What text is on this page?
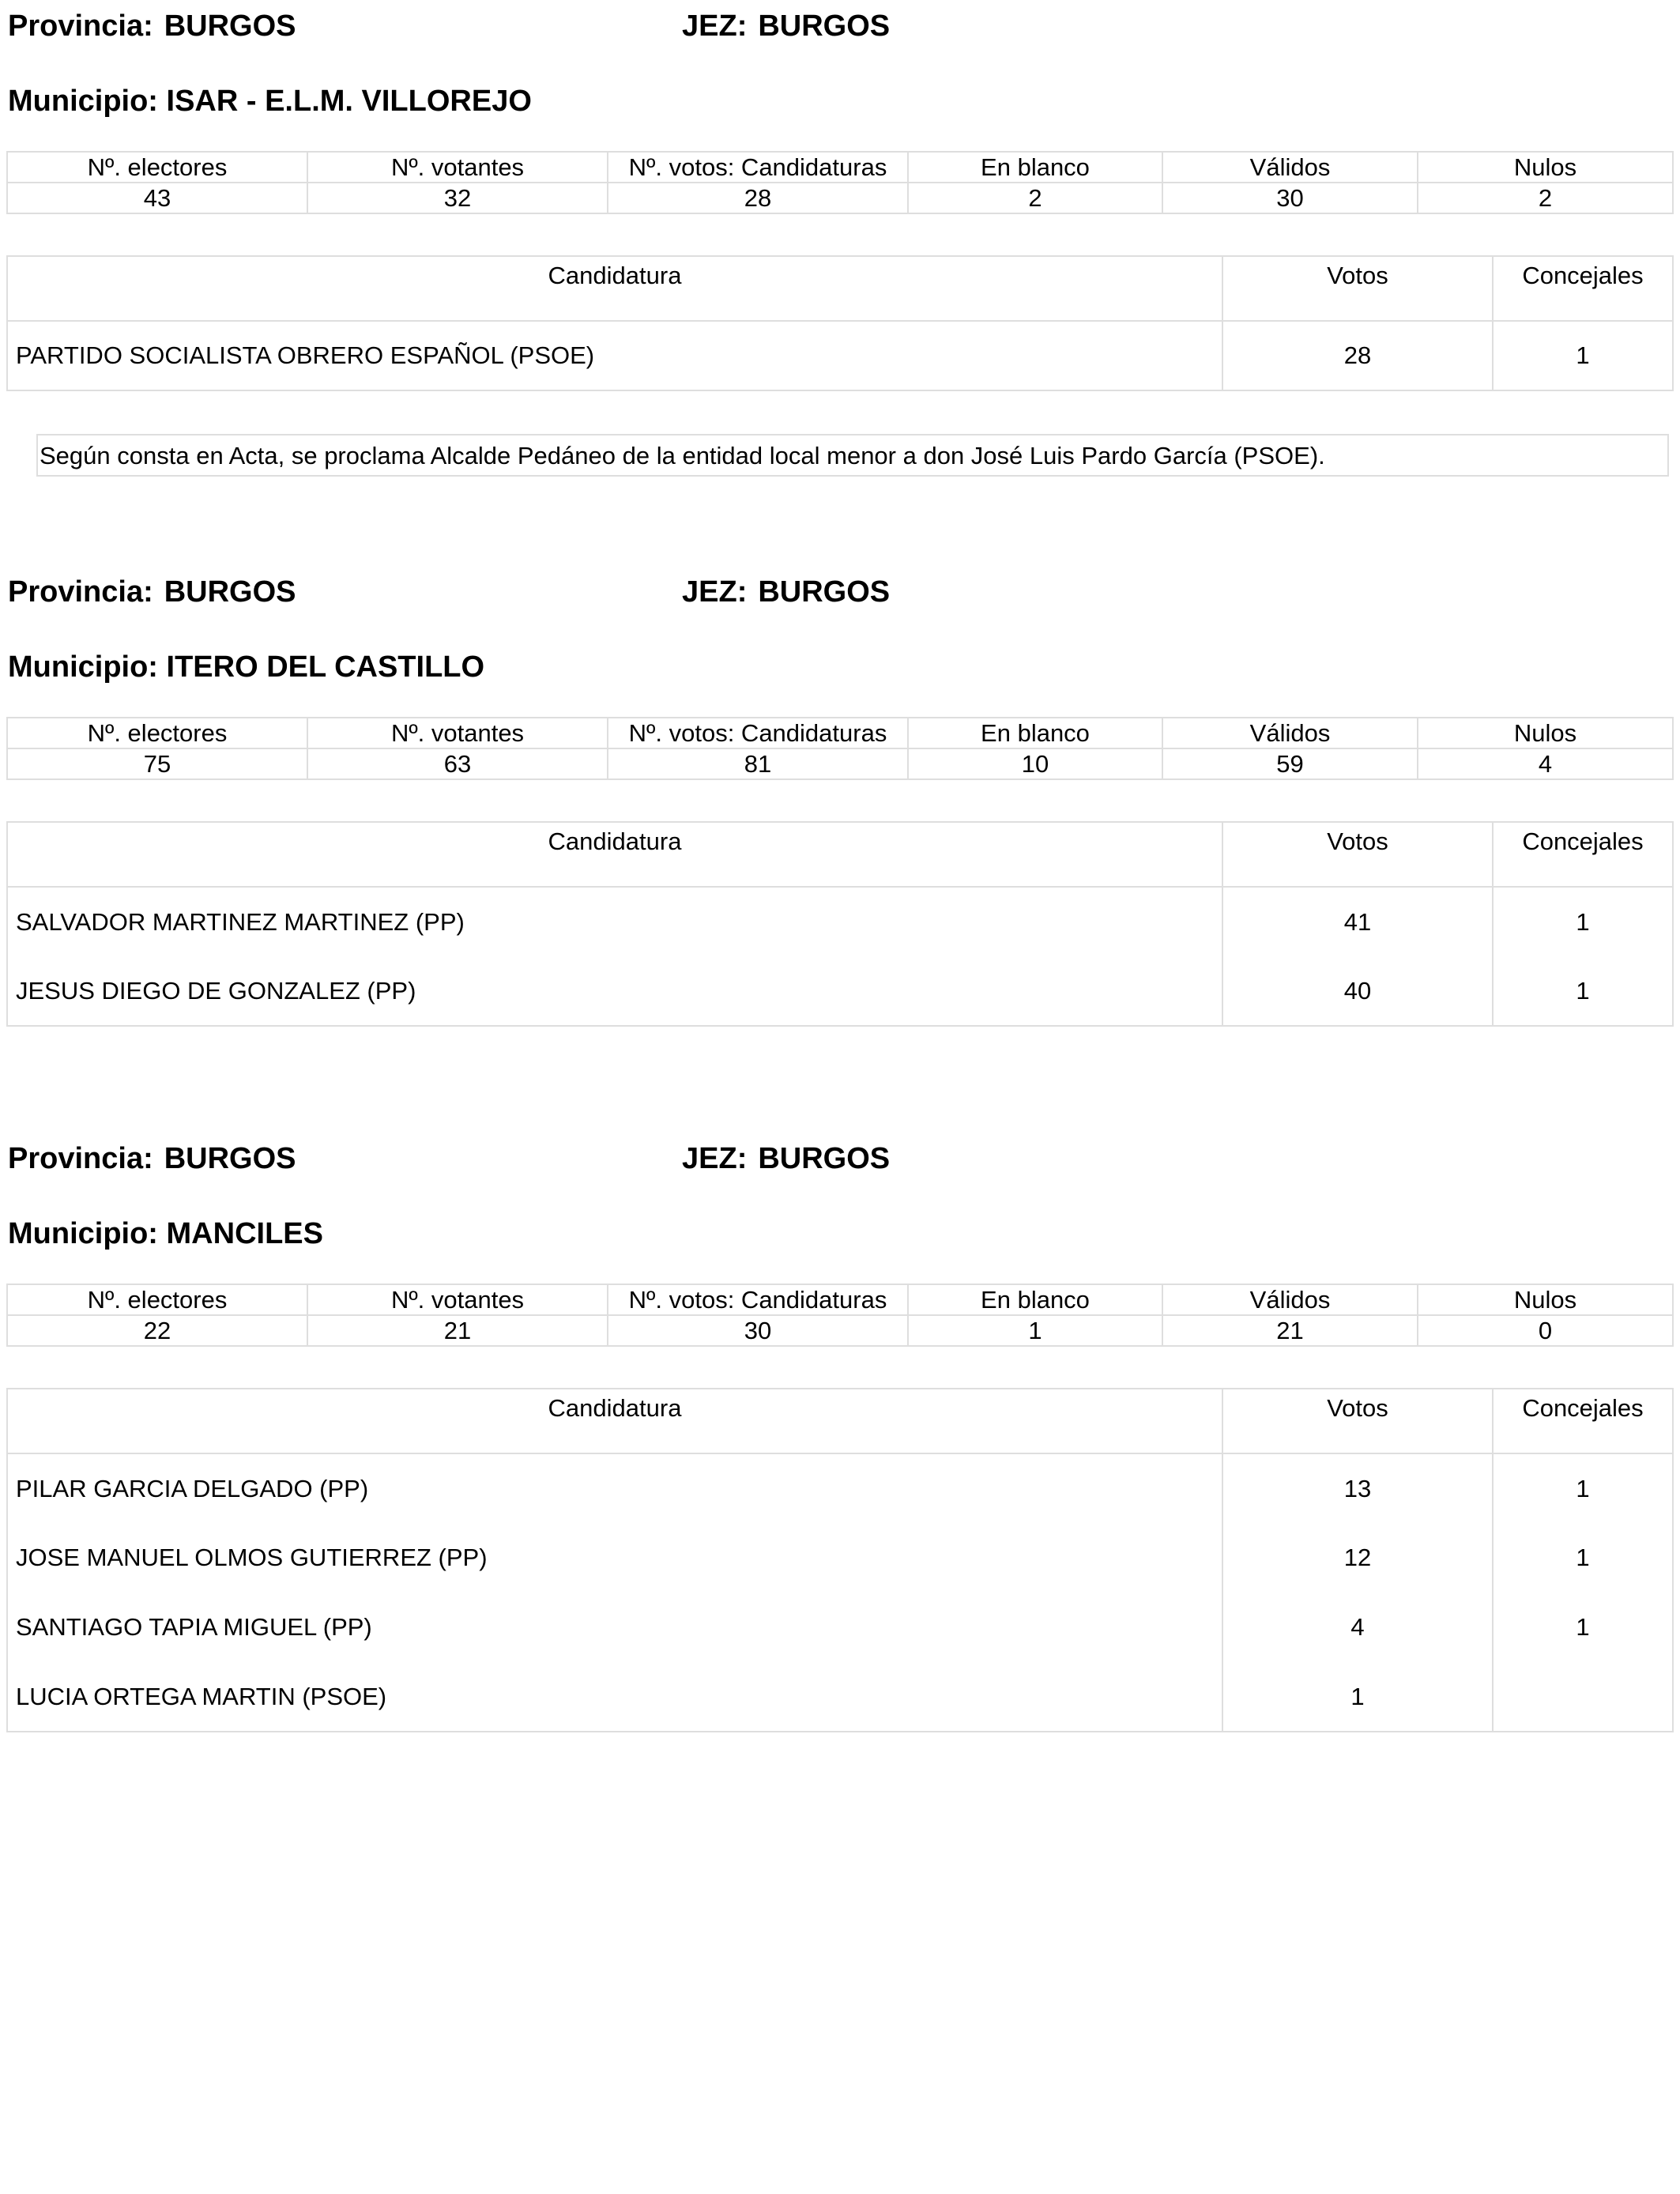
Provincia: BURGOS	JEZ: BURGOS
Municipio: ISAR - E.L.M. VILLOREJO
Nº. electores	Nº. votantes	Nº. votos: Candidaturas	En blanco	Válidos	Nulos
43	32	28	2	30	2
Candidatura	Votos	Concejales
PARTIDO SOCIALISTA OBRERO ESPAÑOL (PSOE)	28	1
Según consta en Acta, se proclama Alcalde Pedáneo de la entidad local menor a don José Luis Pardo García (PSOE).
Provincia: BURGOS	JEZ: BURGOS
Municipio: ITERO DEL CASTILLO
Nº. electores	Nº. votantes	Nº. votos: Candidaturas	En blanco	Válidos	Nulos
75	63	81	10	59	4
Candidatura	Votos	Concejales
SALVADOR MARTINEZ MARTINEZ (PP)	41	1
JESUS DIEGO DE GONZALEZ (PP)	40	1
Provincia: BURGOS	JEZ: BURGOS
Municipio: MANCILES
Nº. electores	Nº. votantes	Nº. votos: Candidaturas	En blanco	Válidos	Nulos
22	21	30	1	21	0
Candidatura	Votos	Concejales
PILAR GARCIA DELGADO (PP)	13	1
JOSE MANUEL OLMOS GUTIERREZ (PP)	12	1
SANTIAGO TAPIA MIGUEL (PP)	4	1
LUCIA ORTEGA MARTIN (PSOE)	1	
